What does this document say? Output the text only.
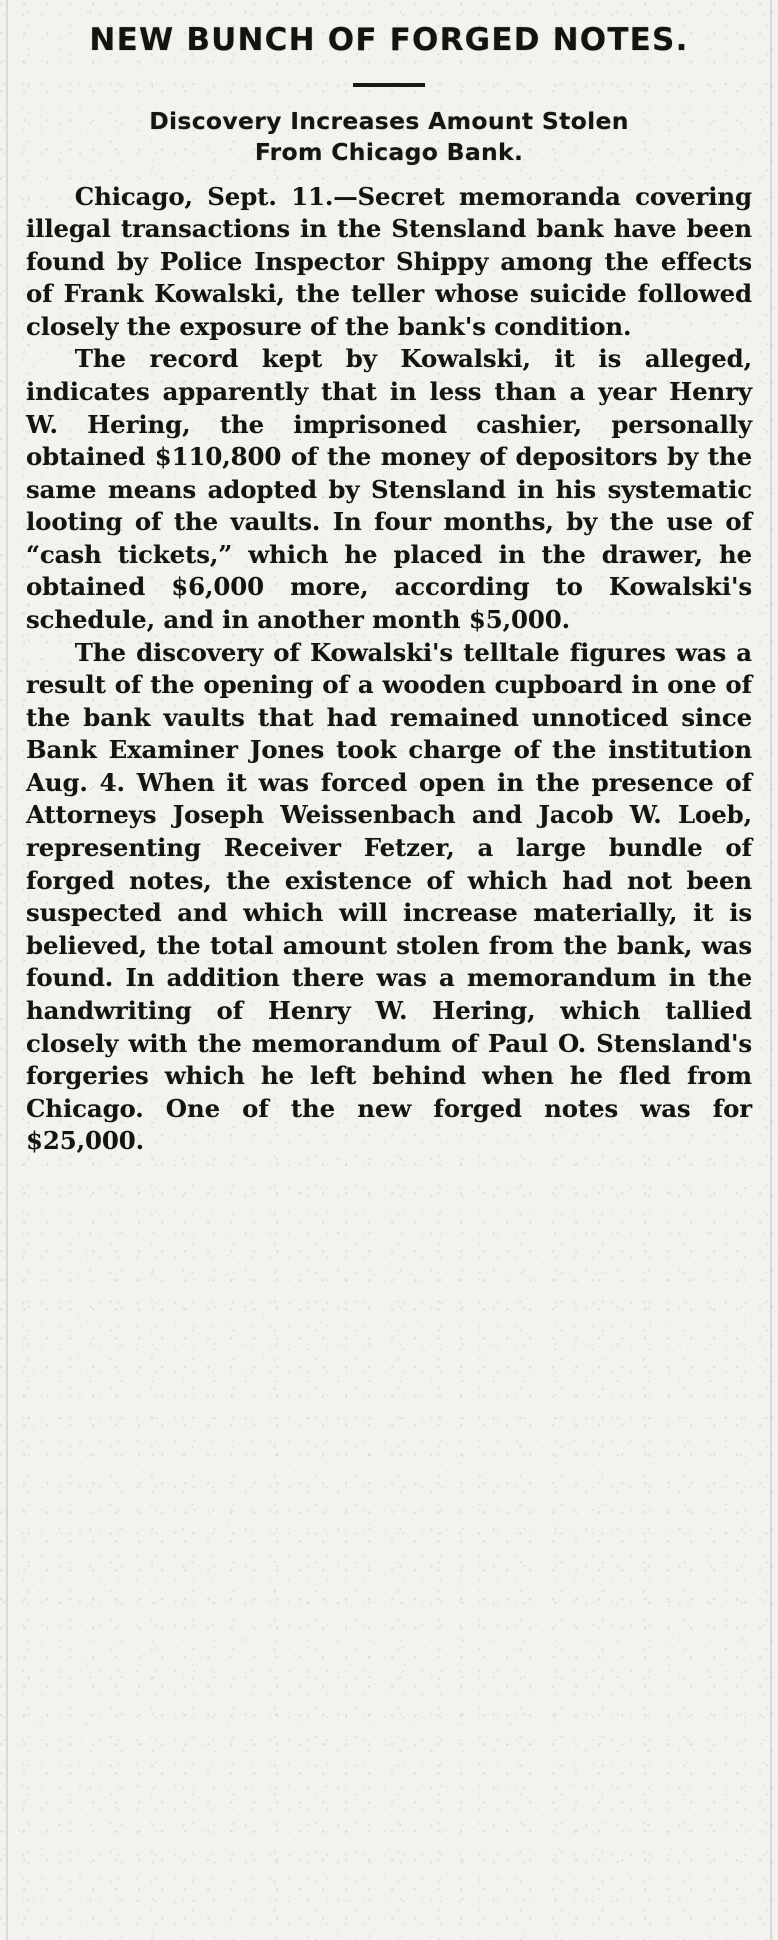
NEW BUNCH OF FORGED NOTES.
Discovery Increases Amount Stolen
From Chicago Bank.

Chicago, Sept. 11.—Secret memoranda covering illegal transactions in the Stensland bank have been found by Police Inspector Shippy among the effects of Frank Kowalski, the teller whose suicide followed closely the exposure of the bank's condition.

The record kept by Kowalski, it is alleged, indicates apparently that in less than a year Henry W. Hering, the imprisoned cashier, personally obtained $110,800 of the money of depositors by the same means adopted by Stensland in his systematic looting of the vaults. In four months, by the use of “cash tickets,” which he placed in the drawer, he obtained $6,000 more, according to Kowalski's schedule, and in another month $5,000.

The discovery of Kowalski's telltale figures was a result of the opening of a wooden cupboard in one of the bank vaults that had remained unnoticed since Bank Examiner Jones took charge of the institution Aug. 4. When it was forced open in the presence of Attorneys Joseph Weissenbach and Jacob W. Loeb, representing Receiver Fetzer, a large bundle of forged notes, the existence of which had not been suspected and which will increase materially, it is believed, the total amount stolen from the bank, was found. In addition there was a memorandum in the handwriting of Henry W. Hering, which tallied closely with the memorandum of Paul O. Stensland's forgeries which he left behind when he fled from Chicago. One of the new forged notes was for $25,000.
